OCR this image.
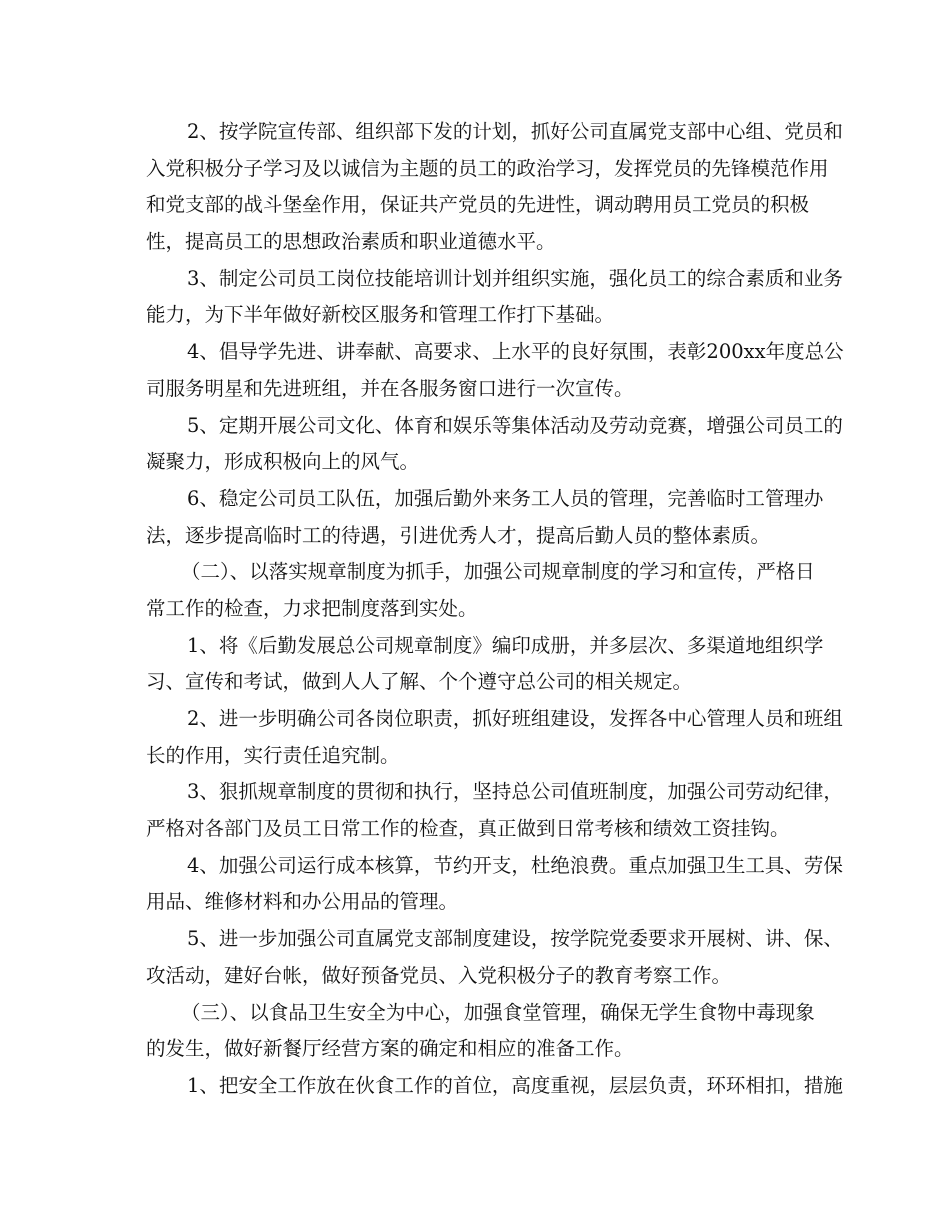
2、按学院宣传部、组织部下发的计划，抓好公司直属党支部中心组、党员和
入党积极分子学习及以诚信为主题的员工的政治学习，发挥党员的先锋模范作用
和党支部的战斗堡垒作用，保证共产党员的先进性，调动聘用员工党员的积极
性，提高员工的思想政治素质和职业道德水平。
3、制定公司员工岗位技能培训计划并组织实施，强化员工的综合素质和业务
能力，为下半年做好新校区服务和管理工作打下基础。
4、倡导学先进、讲奉献、高要求、上水平的良好氛围，表彰200xx年度总公
司服务明星和先进班组，并在各服务窗口进行一次宣传。
5、定期开展公司文化、体育和娱乐等集体活动及劳动竞赛，增强公司员工的
凝聚力，形成积极向上的风气。
6、稳定公司员工队伍，加强后勤外来务工人员的管理，完善临时工管理办
法，逐步提高临时工的待遇，引进优秀人才，提高后勤人员的整体素质。
（二）、以落实规章制度为抓手，加强公司规章制度的学习和宣传，严格日
常工作的检查，力求把制度落到实处。
1、将《后勤发展总公司规章制度》编印成册，并多层次、多渠道地组织学
习、宣传和考试，做到人人了解、个个遵守总公司的相关规定。
2、进一步明确公司各岗位职责，抓好班组建设，发挥各中心管理人员和班组
长的作用，实行责任追究制。
3、狠抓规章制度的贯彻和执行，坚持总公司值班制度，加强公司劳动纪律，
严格对各部门及员工日常工作的检查，真正做到日常考核和绩效工资挂钩。
4、加强公司运行成本核算，节约开支，杜绝浪费。重点加强卫生工具、劳保
用品、维修材料和办公用品的管理。
5、进一步加强公司直属党支部制度建设，按学院党委要求开展树、讲、保、
攻活动，建好台帐，做好预备党员、入党积极分子的教育考察工作。
（三）、以食品卫生安全为中心，加强食堂管理，确保无学生食物中毒现象
的发生，做好新餐厅经营方案的确定和相应的准备工作。
1、把安全工作放在伙食工作的首位，高度重视，层层负责，环环相扣，措施
